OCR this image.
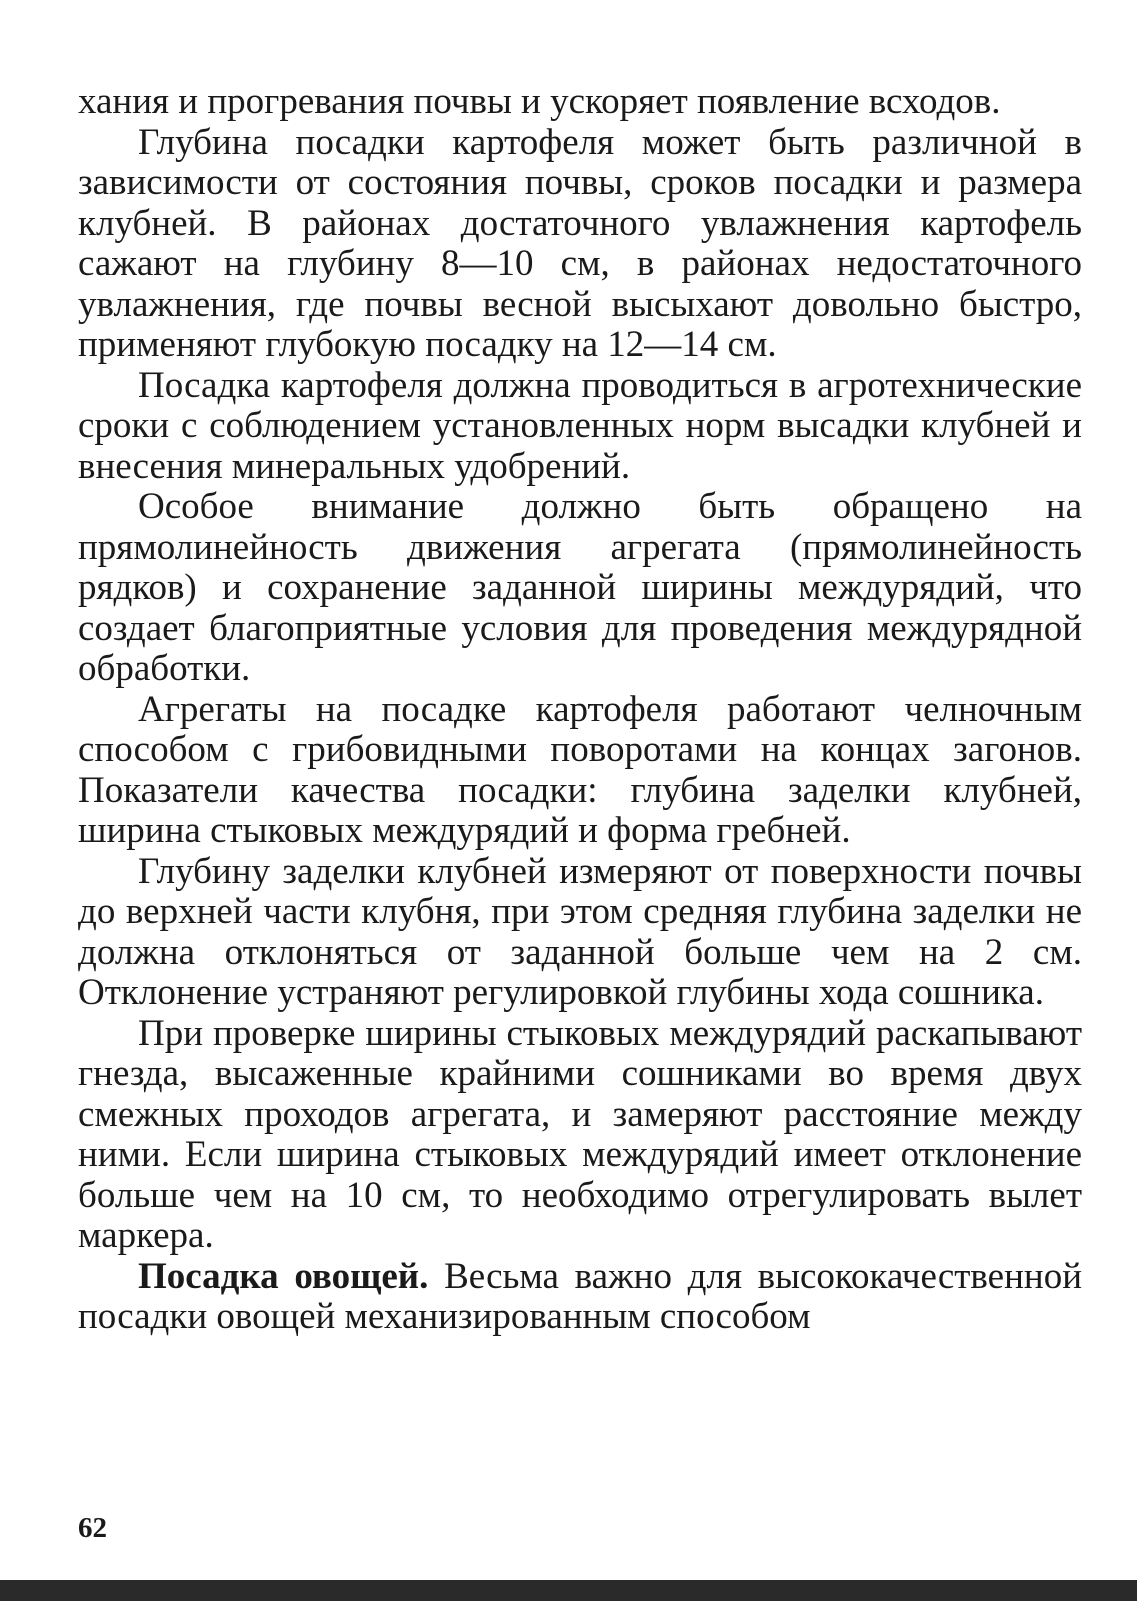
хания и прогревания почвы и ускоряет появление всходов.

Глубина посадки картофеля может быть различной в зависимости от состояния почвы, сроков посадки и размера клубней. В районах достаточного увлажнения картофель сажают на глубину 8—10 см, в районах недостаточного увлажнения, где почвы весной высыхают довольно быстро, применяют глубокую посадку на 12—14 см.

Посадка картофеля должна проводиться в агротехнические сроки с соблюдением установленных норм высадки клубней и внесения минеральных удобрений.

Особое внимание должно быть обращено на прямолинейность движения агрегата (прямолинейность рядков) и сохранение заданной ширины междурядий, что создает благоприятные условия для проведения междурядной обработки.

Агрегаты на посадке картофеля работают челночным способом с грибовидными поворотами на концах загонов. Показатели качества посадки: глубина заделки клубней, ширина стыковых междурядий и форма гребней.

Глубину заделки клубней измеряют от поверхности почвы до верхней части клубня, при этом средняя глубина заделки не должна отклоняться от заданной больше чем на 2 см. Отклонение устраняют регулировкой глубины хода сошника.

При проверке ширины стыковых междурядий раскапывают гнезда, высаженные крайними сошниками во время двух смежных проходов агрегата, и замеряют расстояние между ними. Если ширина стыковых междурядий имеет отклонение больше чем на 10 см, то необходимо отрегулировать вылет маркера.

Посадка овощей. Весьма важно для высококачественной посадки овощей механизированным способом

62
